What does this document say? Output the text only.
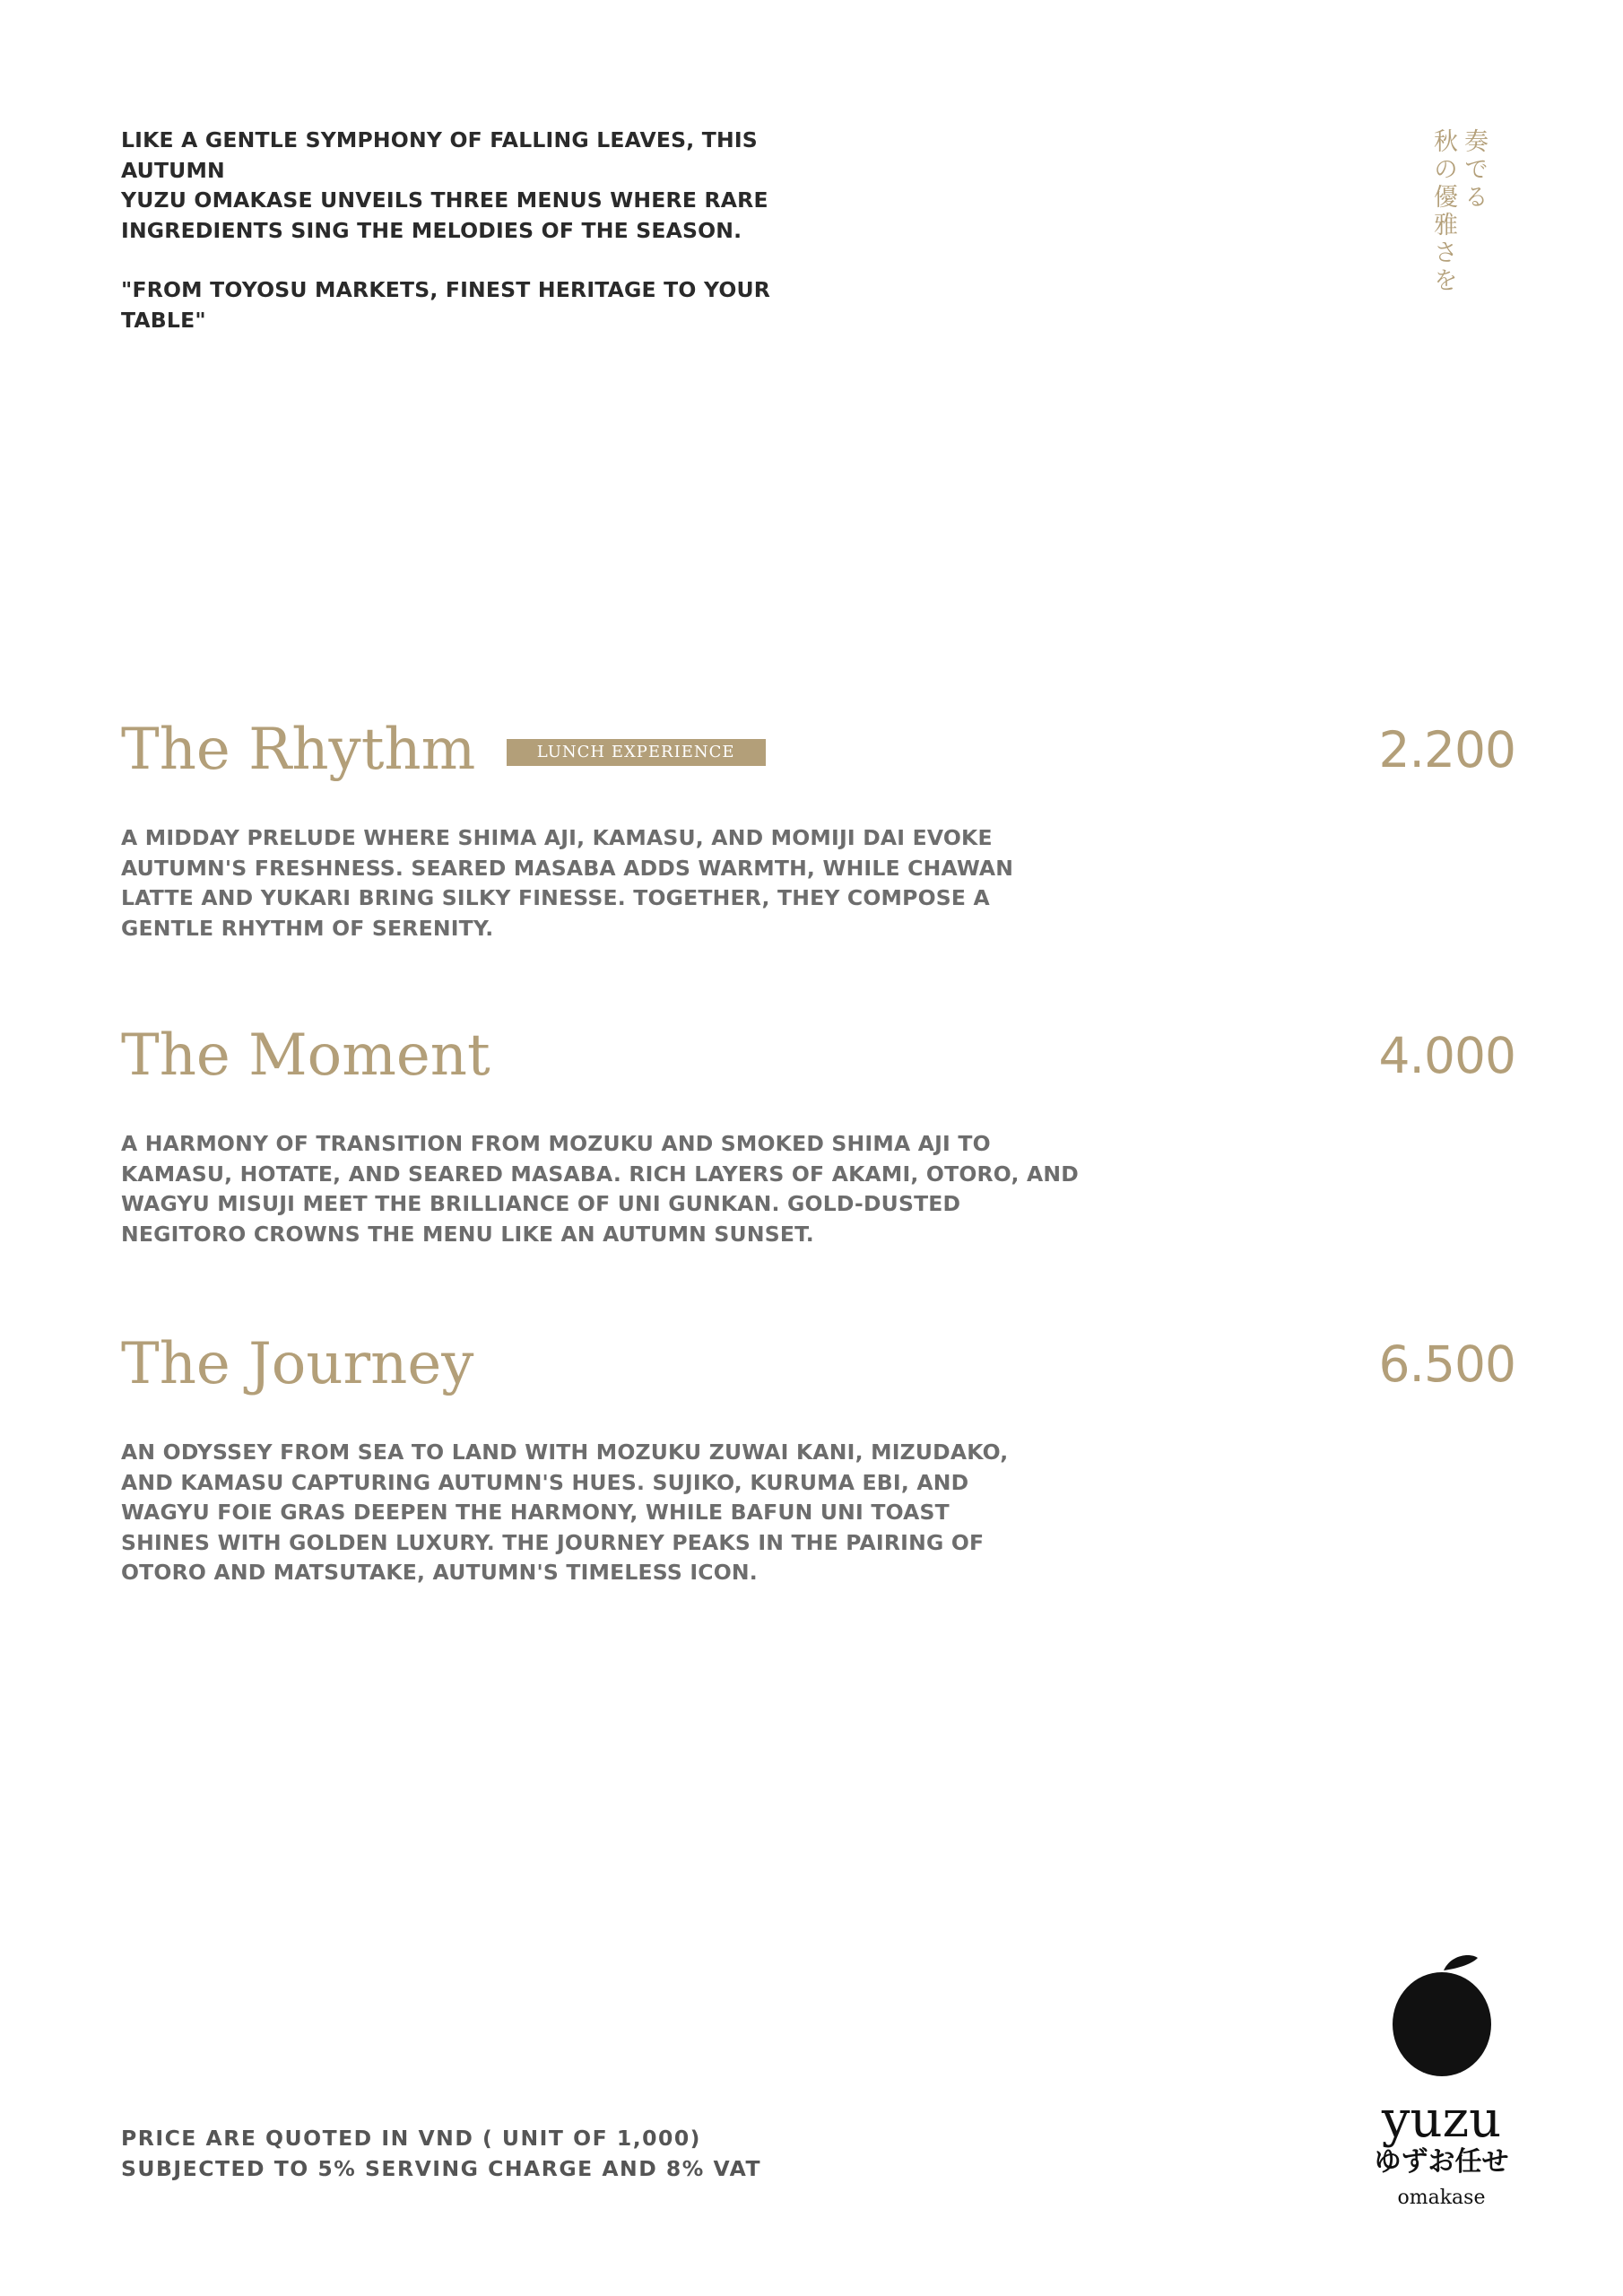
LIKE A GENTLE SYMPHONY OF FALLING LEAVES, THIS AUTUMN
YUZU OMAKASE UNVEILS THREE MENUS WHERE RARE
INGREDIENTS SING THE MELODIES OF THE SEASON.

"FROM TOYOSU MARKETS, FINEST HERITAGE TO YOUR TABLE"

奏でる
秋の優雅さを
The Rhythm	LUNCH EXPERIENCE	2.200
A MIDDAY PRELUDE WHERE SHIMA AJI, KAMASU, AND MOMIJI DAI EVOKE
AUTUMN'S FRESHNESS. SEARED MASABA ADDS WARMTH, WHILE CHAWAN
LATTE AND YUKARI BRING SILKY FINESSE. TOGETHER, THEY COMPOSE A
GENTLE RHYTHM OF SERENITY.
The Moment	4.000
A HARMONY OF TRANSITION FROM MOZUKU AND SMOKED SHIMA AJI TO
KAMASU, HOTATE, AND SEARED MASABA. RICH LAYERS OF AKAMI, OTORO, AND
WAGYU MISUJI MEET THE BRILLIANCE OF UNI GUNKAN. GOLD-DUSTED
NEGITORO CROWNS THE MENU LIKE AN AUTUMN SUNSET.
The Journey	6.500
AN ODYSSEY FROM SEA TO LAND WITH MOZUKU ZUWAI KANI, MIZUDAKO,
AND KAMASU CAPTURING AUTUMN'S HUES. SUJIKO, KURUMA EBI, AND
WAGYU FOIE GRAS DEEPEN THE HARMONY, WHILE BAFUN UNI TOAST
SHINES WITH GOLDEN LUXURY. THE JOURNEY PEAKS IN THE PAIRING OF
OTORO AND MATSUTAKE, AUTUMN'S TIMELESS ICON.
PRICE ARE QUOTED IN VND ( UNIT OF 1,000)
SUBJECTED TO 5% SERVING CHARGE AND 8% VAT
yuzu
ゆずお任せ
omakase
